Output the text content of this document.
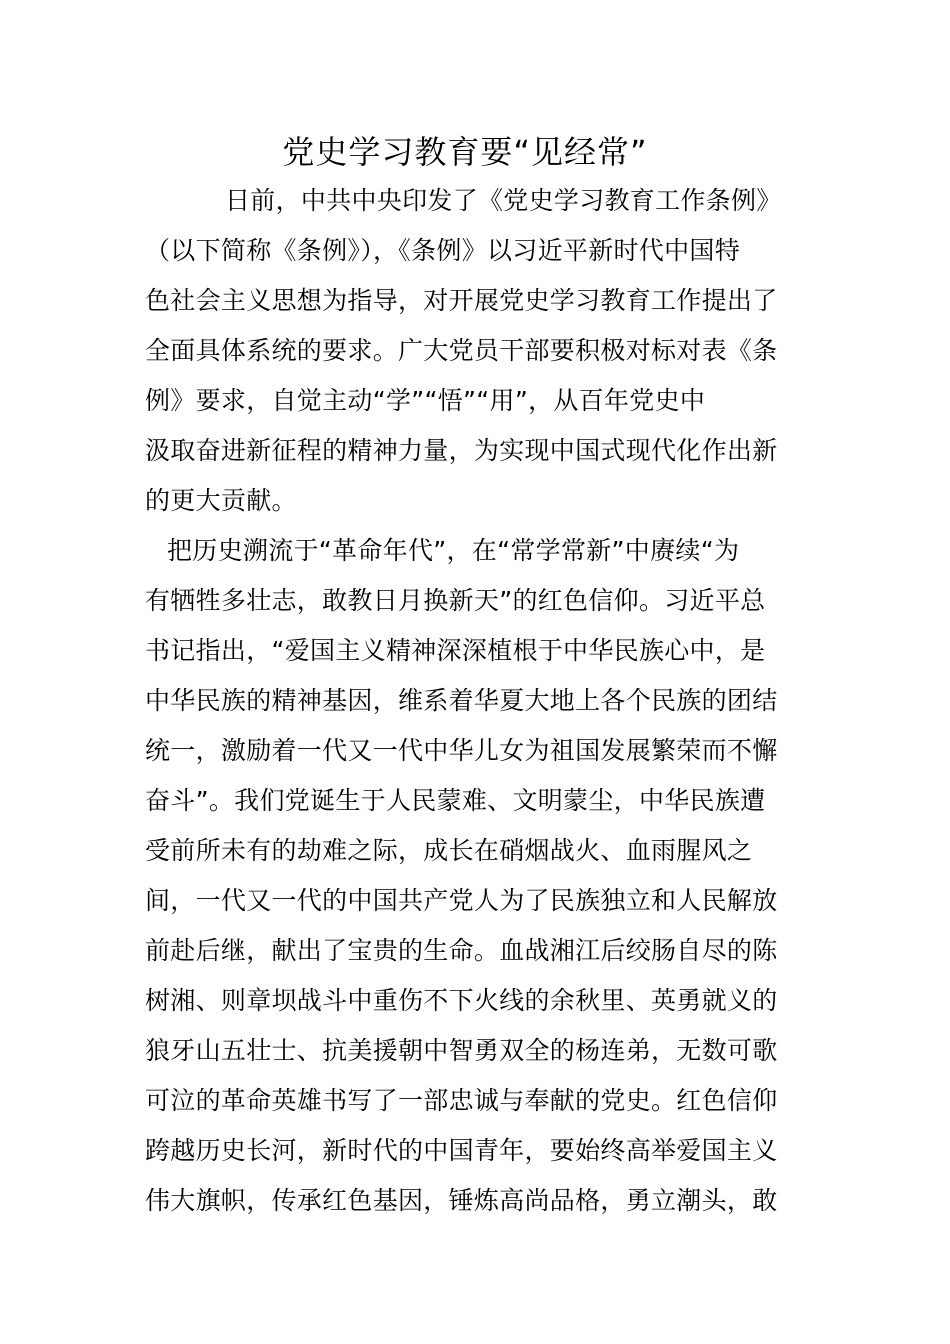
党史学习教育要“见经常”
日前，中共中央印发了《党史学习教育工作条例》
（以下简称《条例》），《条例》以习近平新时代中国特
色社会主义思想为指导，对开展党史学习教育工作提出了
全面具体系统的要求。广大党员干部要积极对标对表《条
例》要求，自觉主动“学”“悟”“用”，从百年党史中
汲取奋进新征程的精神力量，为实现中国式现代化作出新
的更大贡献。
把历史溯流于“革命年代”，在“常学常新”中赓续“为
有牺牲多壮志，敢教日月换新天”的红色信仰。习近平总
书记指出，“爱国主义精神深深植根于中华民族心中，是
中华民族的精神基因，维系着华夏大地上各个民族的团结
统一，激励着一代又一代中华儿女为祖国发展繁荣而不懈
奋斗”。我们党诞生于人民蒙难、文明蒙尘，中华民族遭
受前所未有的劫难之际，成长在硝烟战火、血雨腥风之
间，一代又一代的中国共产党人为了民族独立和人民解放
前赴后继，献出了宝贵的生命。血战湘江后绞肠自尽的陈
树湘、则章坝战斗中重伤不下火线的余秋里、英勇就义的
狼牙山五壮士、抗美援朝中智勇双全的杨连弟，无数可歌
可泣的革命英雄书写了一部忠诚与奉献的党史。红色信仰
跨越历史长河，新时代的中国青年，要始终高举爱国主义
伟大旗帜，传承红色基因，锤炼高尚品格，勇立潮头，敢
